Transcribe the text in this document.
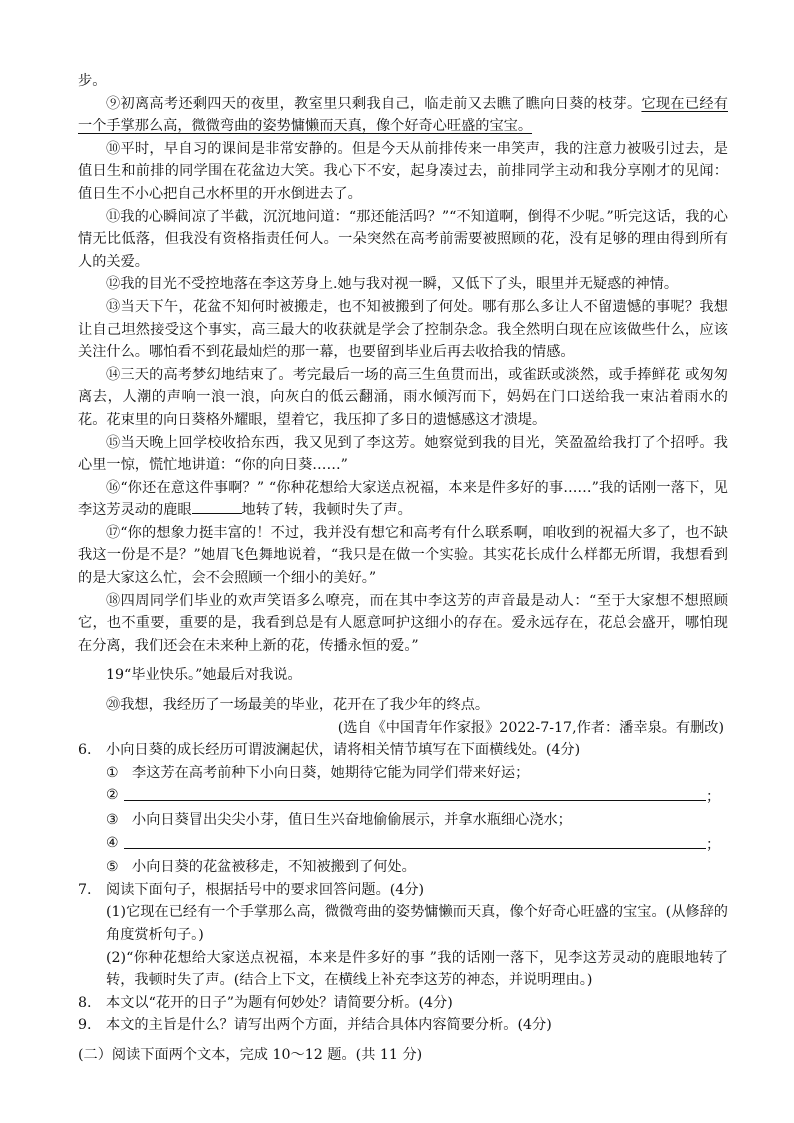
步。

⑨初离高考还剩四天的夜里，教室里只剩我自己，临走前又去瞧了瞧向日葵的枝芽。它现在已经有一个手掌那么高，微微弯曲的姿势慵懒而天真，像个好奇心旺盛的宝宝。

⑩平时，早自习的课间是非常安静的。但是今天从前排传来一串笑声，我的注意力被吸引过去，是值日生和前排的同学围在花盆边大笑。我心下不安，起身凑过去，前排同学主动和我分享刚才的见闻：值日生不小心把自己水杯里的开水倒进去了。

⑪我的心瞬间凉了半截，沉沉地问道：“那还能活吗？”“不知道啊，倒得不少呢。”听完这话，我的心情无比低落，但我没有资格指责任何人。一朵突然在高考前需要被照顾的花，没有足够的理由得到所有人的关爱。

⑫我的目光不受控地落在李这芳身上.她与我对视一瞬，又低下了头，眼里并无疑惑的神情。

⑬当天下午，花盆不知何时被搬走，也不知被搬到了何处。哪有那么多让人不留遗憾的事呢？我想让自己坦然接受这个事实，高三最大的收获就是学会了控制杂念。我全然明白现在应该做些什么，应该关注什么。哪怕看不到花最灿烂的那一幕，也要留到毕业后再去收拾我的情感。

⑭三天的高考梦幻地结束了。考完最后一场的高三生鱼贯而出，或雀跃或淡然，或手捧鲜花 或匆匆离去，人潮的声响一浪一浪，向灰白的低云翻涌，雨水倾泻而下，妈妈在门口送给我一束沾着雨水的花。花束里的向日葵格外耀眼，望着它，我压抑了多日的遗憾感这才溃堤。

⑮当天晚上回学校收拾东西，我又见到了李这芳。她察觉到我的目光，笑盈盈给我打了个招呼。我心里一惊，慌忙地讲道：“你的向日葵……”

⑯“你还在意这件事啊？” “你种花想给大家送点祝福，本来是件多好的事……”我的话刚一落下，见李这芳灵动的鹿眼	地转了转，我顿时失了声。

⑰“你的想象力挺丰富的！不过，我并没有想它和高考有什么联系啊，咱收到的祝福大多了，也不缺我这一份是不是？”她眉飞色舞地说着，“我只是在做一个实验。其实花长成什么样都无所谓，我想看到的是大家这么忙，会不会照顾一个细小的美好。”

⑱四周同学们毕业的欢声笑语多么嘹亮，而在其中李这芳的声音最是动人：“至于大家想不想照顾它，也不重要，重要的是，我看到总是有人愿意呵护这细小的存在。爱永远存在，花总会盛开，哪怕现在分离，我们还会在未来种上新的花，传播永恒的爱。”

19“毕业快乐。”她最后对我说。

⑳我想，我经历了一场最美的毕业，花开在了我少年的终点。

(选自《中国青年作家报》2022-7-17,作者：潘幸泉。有删改)

6. 小向日葵的成长经历可谓波澜起伏，请将相关情节填写在下面横线处。(4分)
① 李这芳在高考前种下小向日葵，她期待它能为同学们带来好运；
②	；
③ 小向日葵冒出尖尖小芽，值日生兴奋地偷偷展示，并拿水瓶细心浇水；
④	；
⑤ 小向日葵的花盆被移走，不知被搬到了何处。
7. 阅读下面句子，根据括号中的要求回答问题。(4分)

(1)它现在已经有一个手掌那么高，微微弯曲的姿势慵懒而天真，像个好奇心旺盛的宝宝。(从修辞的角度赏析句子。)

(2)“你种花想给大家送点祝福，本来是件多好的事 ”我的话刚一落下，见李这芳灵动的鹿眼地转了转，我顿时失了声。(结合上下文，在横线上补充李这芳的神态，并说明理由。)

8. 本文以“花开的日子”为题有何妙处？请简要分析。(4分)
9. 本文的主旨是什么？请写出两个方面，并结合具体内容简要分析。(4分)

(二）阅读下面两个文本，完成 10～12 题。(共 11 分)
